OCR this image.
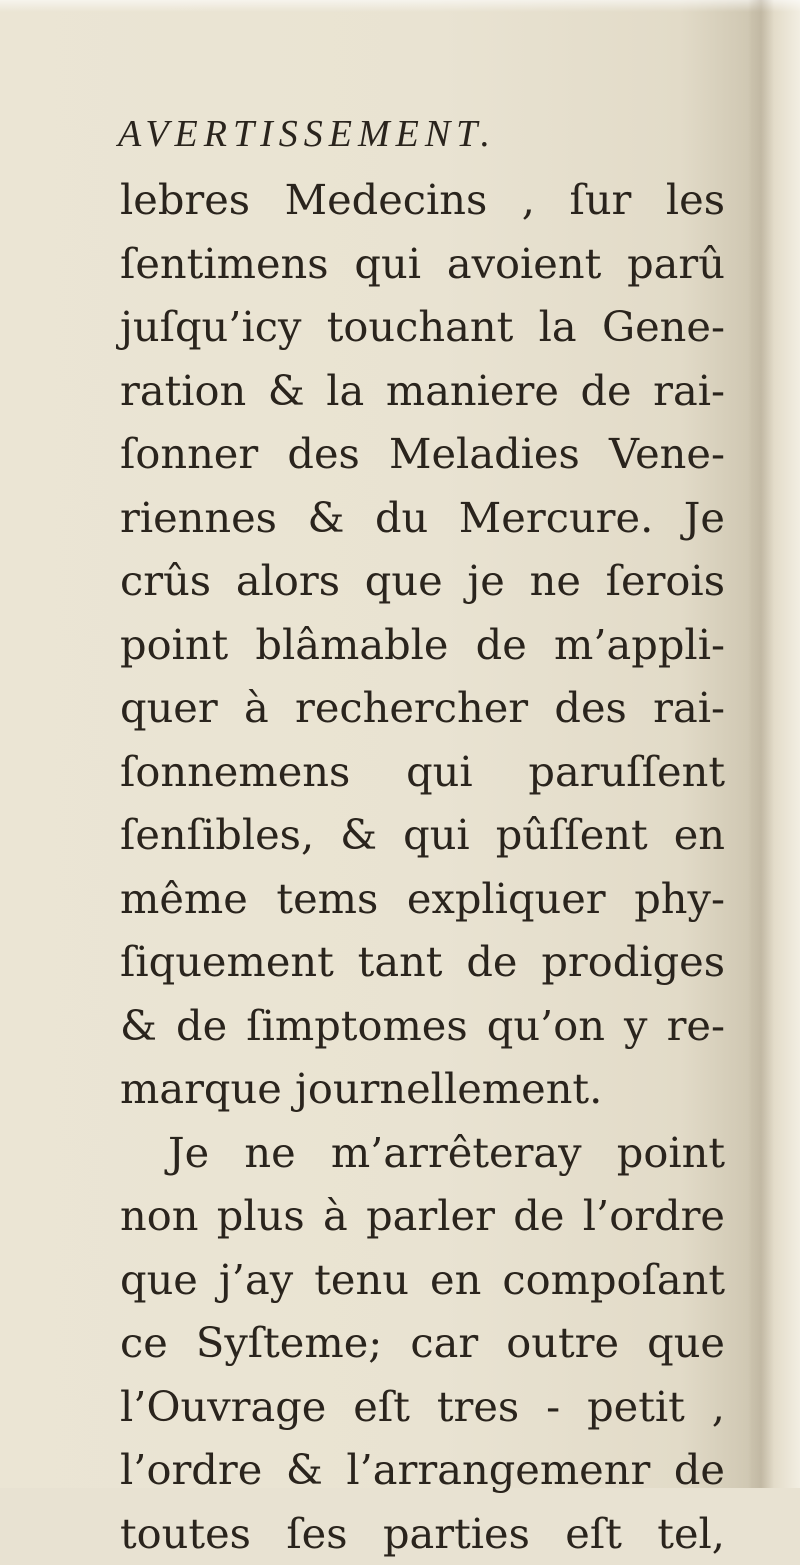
AVERTISSEMENT.
lebres Medecins , ſur les
ſentimens qui avoient parû
juſqu’icy touchant la Gene-
ration & la maniere de rai-
ſonner des Meladies Vene-
riennes & du Mercure. Je
crûs alors que je ne ſerois
point blâmable de m’appli-
quer à rechercher des rai-
ſonnemens qui paruſſent
ſenſibles, & qui pûſſent en
même tems expliquer phy-
ſiquement tant de prodiges
& de ſimptomes qu’on y re-
marque journellement.
Je ne m’arrêteray point
non plus à parler de l’ordre
que j’ay tenu en compoſant
ce Syſteme; car outre que
l’Ouvrage eſt tres - petit ,
l’ordre & l’arrangemenr de
toutes ſes parties eſt tel,
